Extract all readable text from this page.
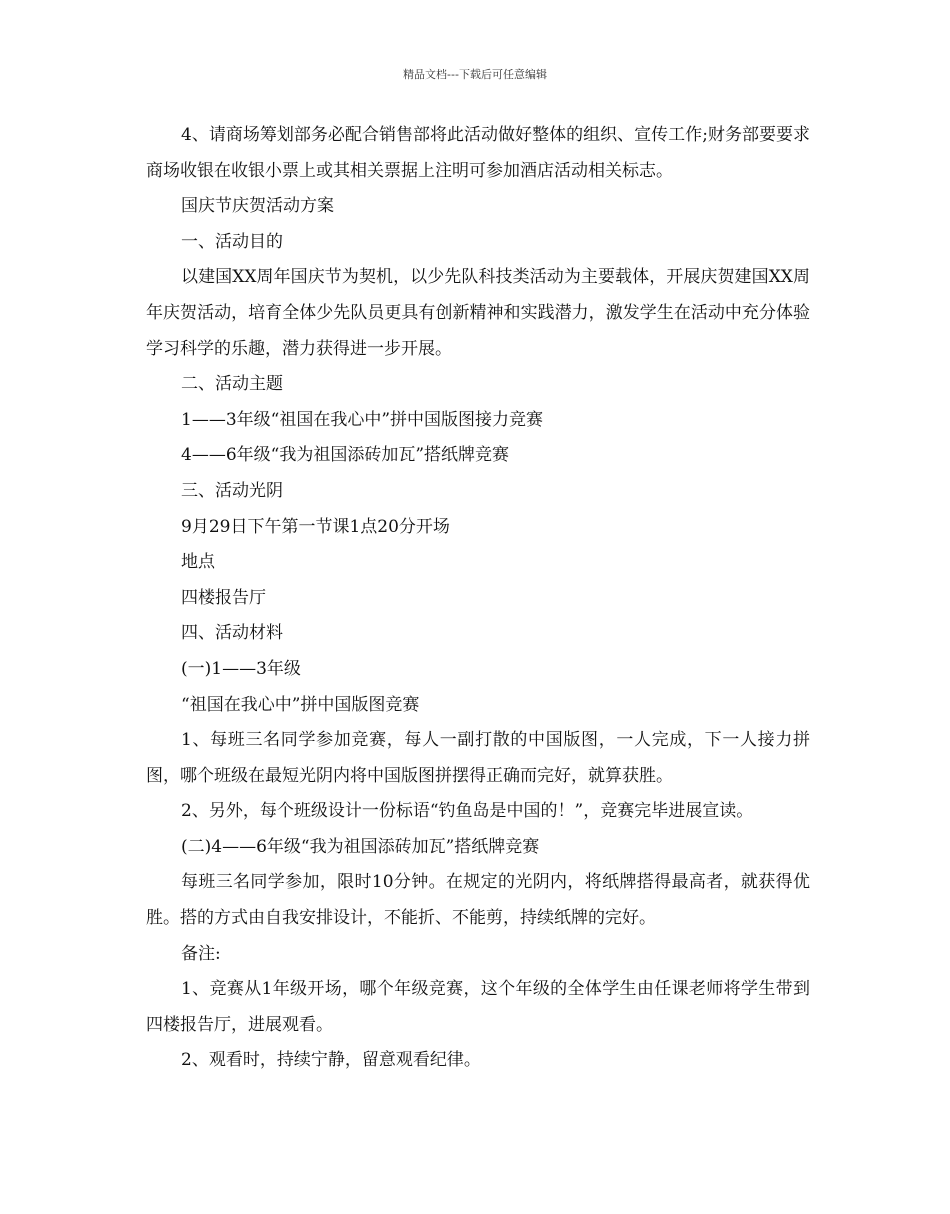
精品文档---下载后可任意编辑

4、请商场筹划部务必配合销售部将此活动做好整体的组织、宣传工作;财务部要要求商场收银在收银小票上或其相关票据上注明可参加酒店活动相关标志。

国庆节庆贺活动方案

一、活动目的

以建国XX周年国庆节为契机，以少先队科技类活动为主要载体，开展庆贺建国XX周年庆贺活动，培育全体少先队员更具有创新精神和实践潜力，激发学生在活动中充分体验学习科学的乐趣，潜力获得进一步开展。

二、活动主题

1——3年级“祖国在我心中”拼中国版图接力竞赛

4——6年级“我为祖国添砖加瓦”搭纸牌竞赛

三、活动光阴

9月29日下午第一节课1点20分开场

地点

四楼报告厅

四、活动材料

(一)1——3年级

“祖国在我心中”拼中国版图竞赛

1、每班三名同学参加竞赛，每人一副打散的中国版图，一人完成，下一人接力拼图，哪个班级在最短光阴内将中国版图拼摆得正确而完好，就算获胜。

2、另外，每个班级设计一份标语“钓鱼岛是中国的！”，竞赛完毕进展宣读。

(二)4——6年级“我为祖国添砖加瓦”搭纸牌竞赛

每班三名同学参加，限时10分钟。在规定的光阴内，将纸牌搭得最高者，就获得优胜。搭的方式由自我安排设计，不能折、不能剪，持续纸牌的完好。

备注:

1、竞赛从1年级开场，哪个年级竞赛，这个年级的全体学生由任课老师将学生带到四楼报告厅，进展观看。

2、观看时，持续宁静，留意观看纪律。
